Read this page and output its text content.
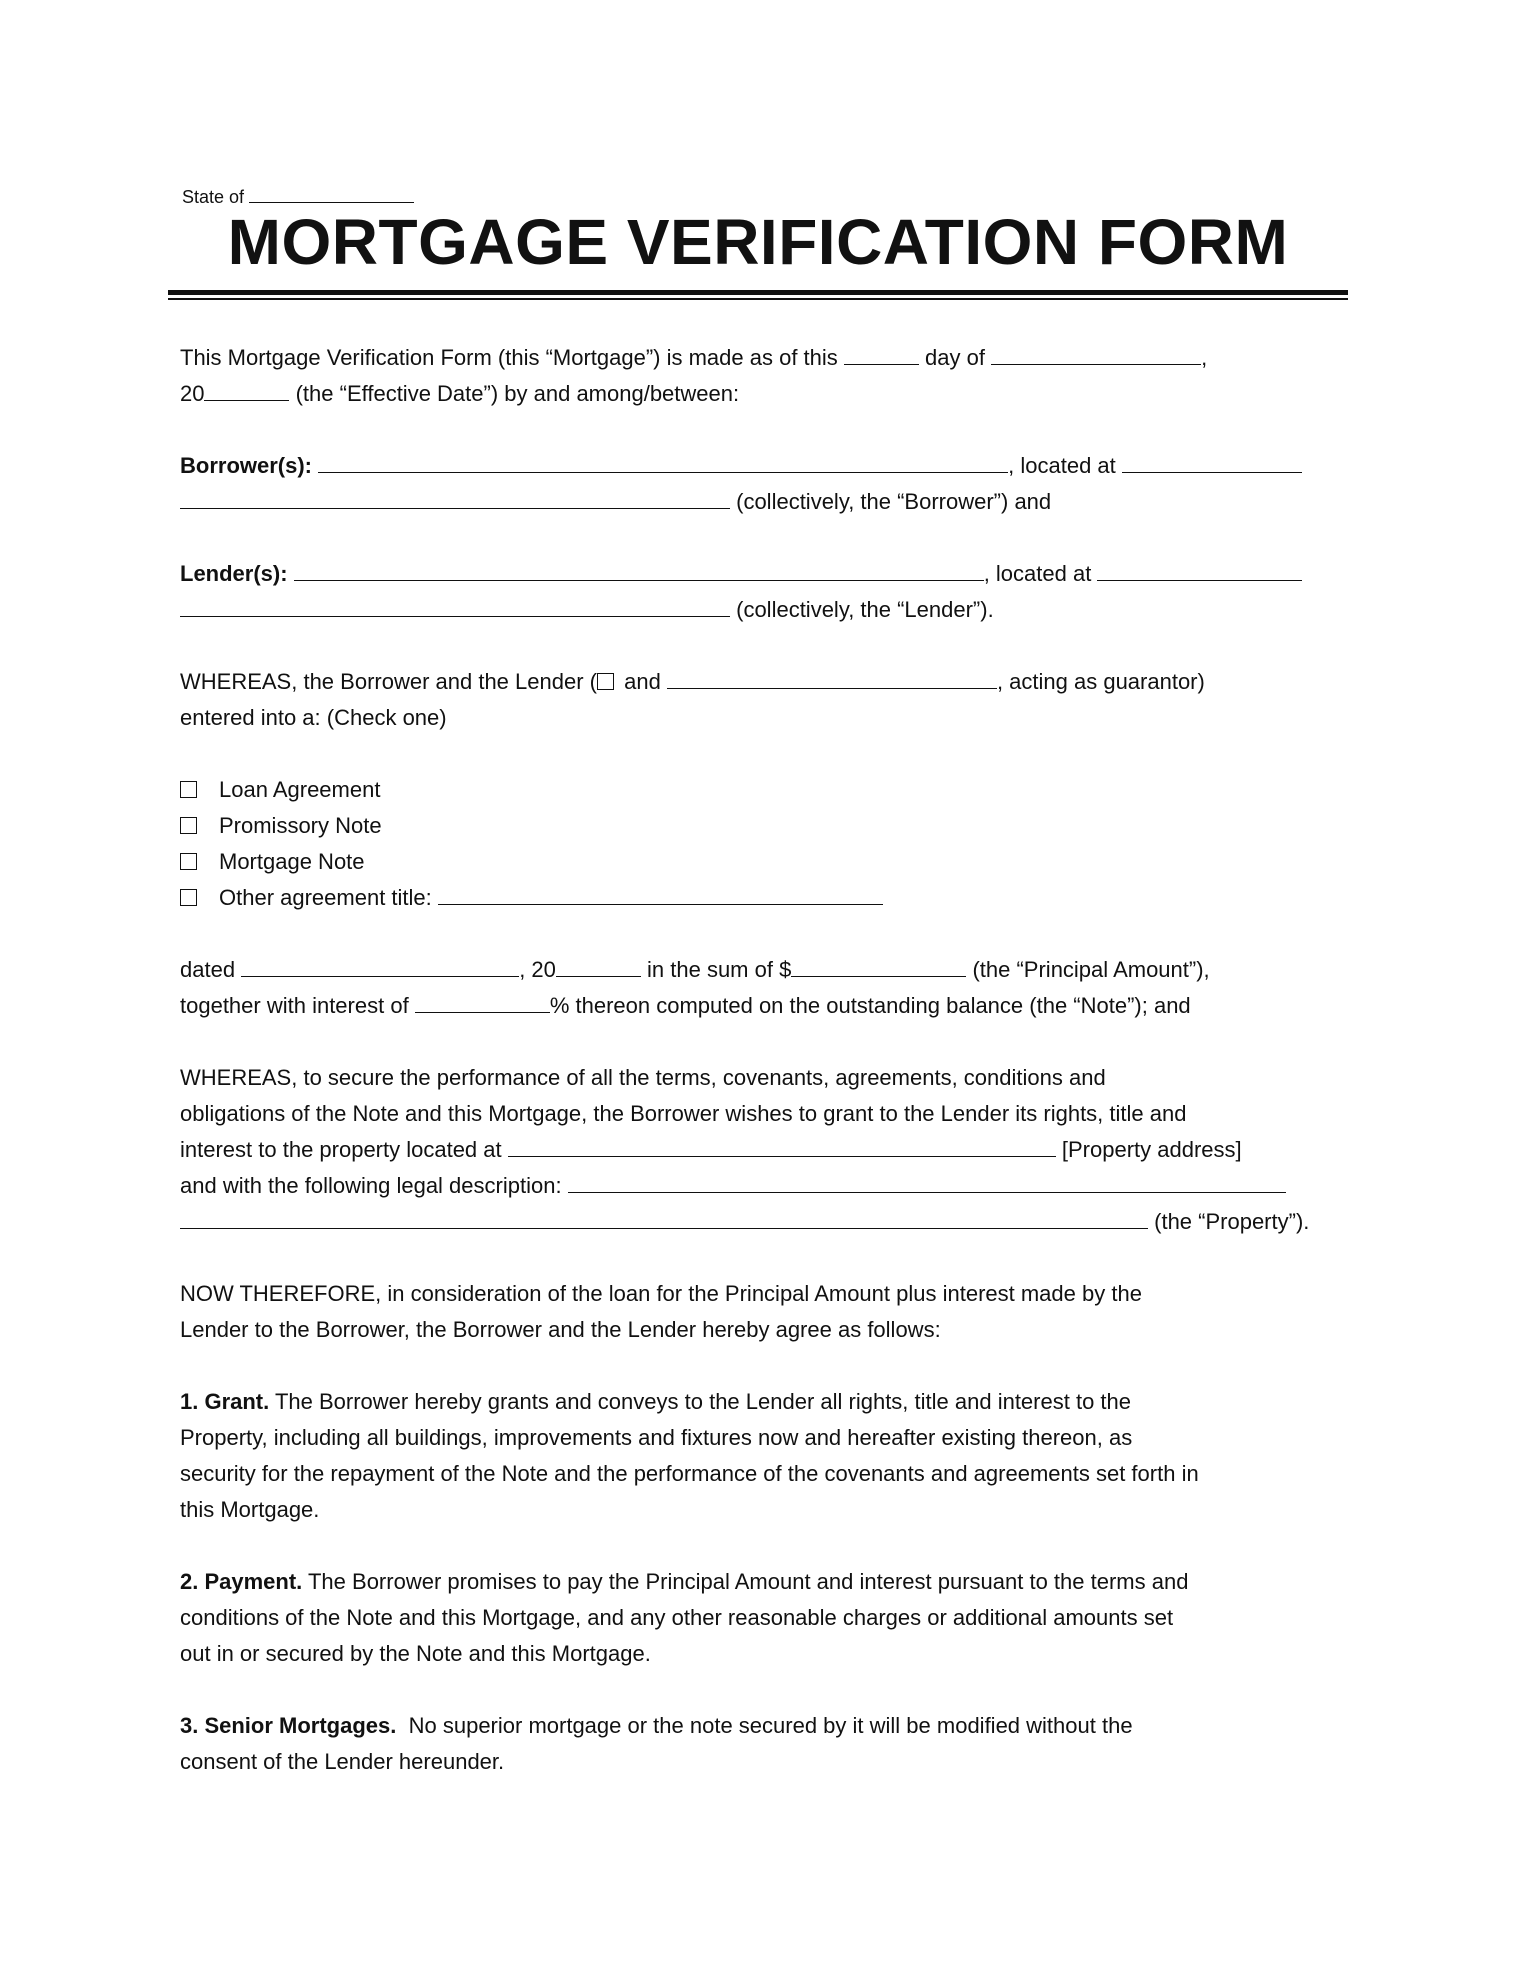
State of
MORTGAGE VERIFICATION FORM
This Mortgage Verification Form (this “Mortgage”) is made as of this	day of	,
20	(the “Effective Date”) by and among/between:
Borrower(s):	, located at
(collectively, the “Borrower”) and
Lender(s):	, located at
(collectively, the “Lender”).
WHEREAS, the Borrower and the Lender ( and	, acting as guarantor)
entered into a: (Check one)
Loan Agreement
Promissory Note
Mortgage Note
Other agreement title:
dated	, 20	in the sum of $	(the “Principal Amount”),
together with interest of	% thereon computed on the outstanding balance (the “Note”); and
WHEREAS, to secure the performance of all the terms, covenants, agreements, conditions and
obligations of the Note and this Mortgage, the Borrower wishes to grant to the Lender its rights, title and
interest to the property located at	[Property address]
and with the following legal description:
(the “Property”).
NOW THEREFORE, in consideration of the loan for the Principal Amount plus interest made by the
Lender to the Borrower, the Borrower and the Lender hereby agree as follows:
1. Grant. The Borrower hereby grants and conveys to the Lender all rights, title and interest to the
Property, including all buildings, improvements and fixtures now and hereafter existing thereon, as
security for the repayment of the Note and the performance of the covenants and agreements set forth in
this Mortgage.
2. Payment. The Borrower promises to pay the Principal Amount and interest pursuant to the terms and
conditions of the Note and this Mortgage, and any other reasonable charges or additional amounts set
out in or secured by the Note and this Mortgage.
3. Senior Mortgages.  No superior mortgage or the note secured by it will be modified without the
consent of the Lender hereunder.
